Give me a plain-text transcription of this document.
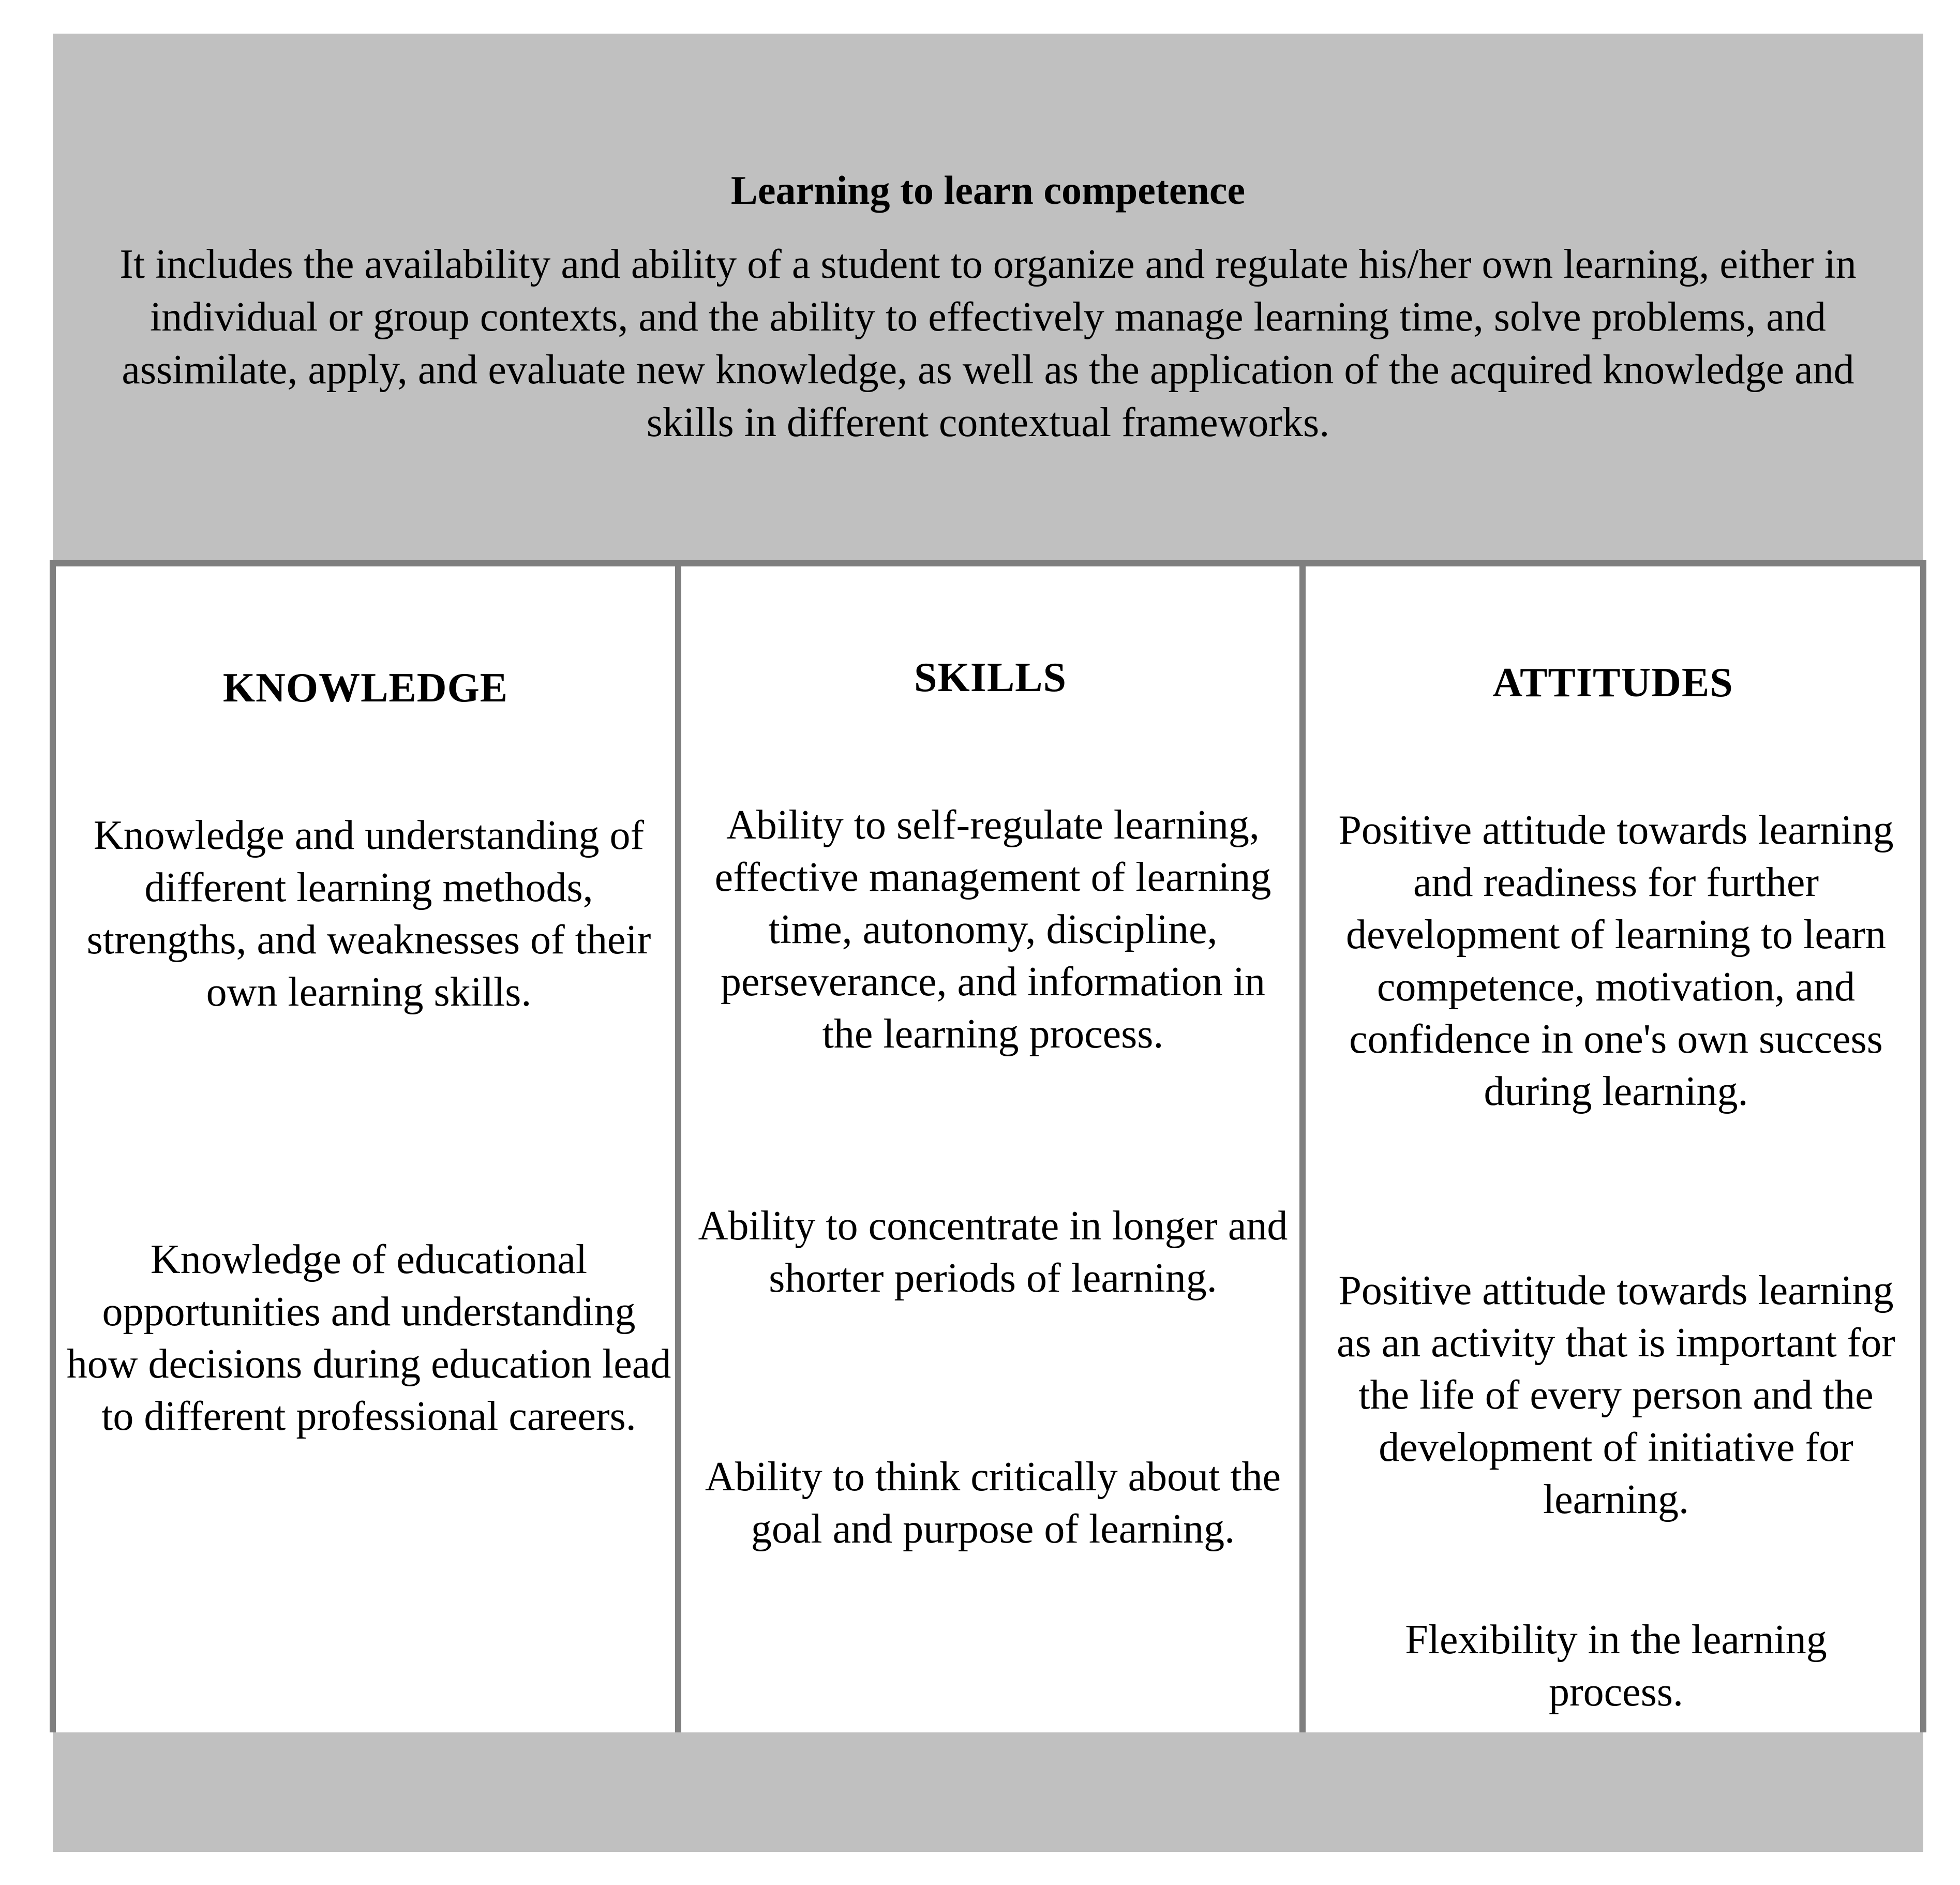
Learning to learn competence
It includes the availability and ability of a student to organize and regulate his/her own learning, either in individual or group contexts, and the ability to effectively manage learning time, solve problems, and assimilate, apply, and evaluate new knowledge, as well as the application of the acquired knowledge and skills in different contextual frameworks.
KNOWLEDGE
Knowledge and understanding of different learning methods, strengths, and weaknesses of their own learning skills.
Knowledge of educational opportunities and understanding how decisions during education lead to different professional careers.
SKILLS
Ability to self-regulate learning, effective management of learning time, autonomy, discipline, perseverance, and information in the learning process.
Ability to concentrate in longer and shorter periods of learning.
Ability to think critically about the goal and purpose of learning.
ATTITUDES
Positive attitude towards learning and readiness for further development of learning to learn competence, motivation, and confidence in one's own success during learning.
Positive attitude towards learning as an activity that is important for the life of every person and the development of initiative for learning.
Flexibility in the learning process.
